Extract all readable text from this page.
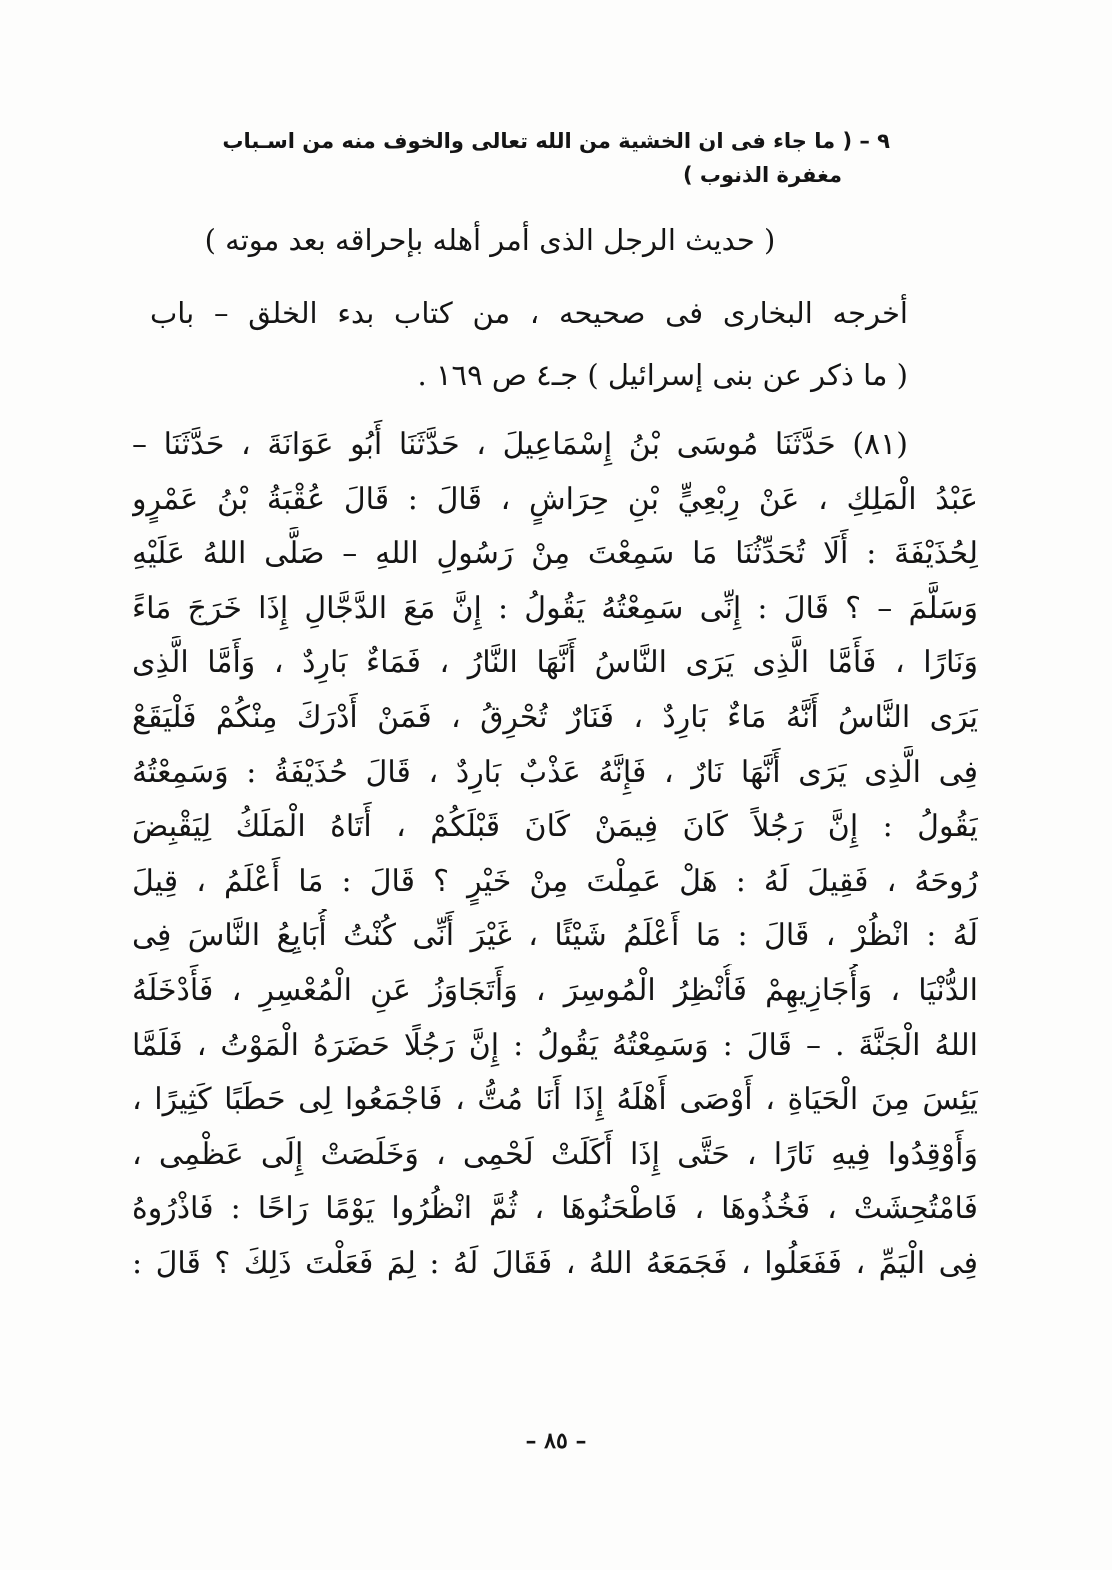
٩ – ( ما جاء فى ان الخشية من الله تعالى والخوف منه من اسـباب
مغفرة الذنوب )
( حديث الرجل الذى أمر أهله بإحراقه بعد موته )
أخرجه البخارى فى صحيحه ، من كتاب بدء الخلق – باب
( ما ذكر عن بنى إسرائيل ) جـ٤ ص ١٦٩ .
(٨١) حَدَّثَنَا مُوسَى بْنُ إِسْمَاعِيلَ ، حَدَّثَنَا أَبُو عَوَانَةَ ، حَدَّثَنَا –
عَبْدُ الْمَلِكِ ، عَنْ رِبْعِيٍّ بْنِ حِرَاشٍ ، قَالَ : قَالَ عُقْبَةُ بْنُ عَمْرٍو
لِحُذَيْفَةَ : أَلَا تُحَدِّثُنَا مَا سَمِعْتَ مِنْ رَسُولِ اللهِ – صَلَّى اللهُ عَلَيْهِ
وَسَلَّمَ – ؟ قَالَ : إِنِّى سَمِعْتُهُ يَقُولُ : إِنَّ مَعَ الدَّجَّالِ إِذَا خَرَجَ مَاءً
وَنَارًا ، فَأَمَّا الَّذِى يَرَى النَّاسُ أَنَّهَا النَّارُ ، فَمَاءٌ بَارِدٌ ، وَأَمَّا الَّذِى
يَرَى النَّاسُ أَنَّهُ مَاءٌ بَارِدٌ ، فَنَارٌ تُحْرِقُ ، فَمَنْ أَدْرَكَ مِنْكُمْ فَلْيَقَعْ
فِى الَّذِى يَرَى أَنَّهَا نَارٌ ، فَإِنَّهُ عَذْبٌ بَارِدٌ ، قَالَ حُذَيْفَةُ : وَسَمِعْتُهُ
يَقُولُ : إِنَّ رَجُلاً كَانَ فِيمَنْ كَانَ قَبْلَكُمْ ، أَتَاهُ الْمَلَكُ لِيَقْبِضَ
رُوحَهُ ، فَقِيلَ لَهُ : هَلْ عَمِلْتَ مِنْ خَيْرٍ ؟ قَالَ : مَا أَعْلَمُ ، قِيلَ
لَهُ : انْظُرْ ، قَالَ : مَا أَعْلَمُ شَيْئًا ، غَيْرَ أَنِّى كُنْتُ أُبَايِعُ النَّاسَ فِى
الدُّنْيَا ، وَأُجَازِيهِمْ فَأُنْظِرُ الْمُوسِرَ ، وَأَتَجَاوَزُ عَنِ الْمُعْسِرِ ، فَأَدْخَلَهُ
اللهُ الْجَنَّةَ . – قَالَ : وَسَمِعْتُهُ يَقُولُ : إِنَّ رَجُلًا حَضَرَهُ الْمَوْتُ ، فَلَمَّا
يَئِسَ مِنَ الْحَيَاةِ ، أَوْصَى أَهْلَهُ إِذَا أَنَا مُتُّ ، فَاجْمَعُوا لِى حَطَبًا كَثِيرًا ،
وَأَوْقِدُوا فِيهِ نَارًا ، حَتَّى إِذَا أَكَلَتْ لَحْمِى ، وَخَلَصَتْ إِلَى عَظْمِى ،
فَامْتُحِشَتْ ، فَخُذُوهَا ، فَاطْحَنُوهَا ، ثُمَّ انْظُرُوا يَوْمًا رَاحًا : فَاذْرُوهُ
فِى الْيَمِّ ، فَفَعَلُوا ، فَجَمَعَهُ اللهُ ، فَقَالَ لَهُ : لِمَ فَعَلْتَ ذَلِكَ ؟ قَالَ :
– ٨٥ –
